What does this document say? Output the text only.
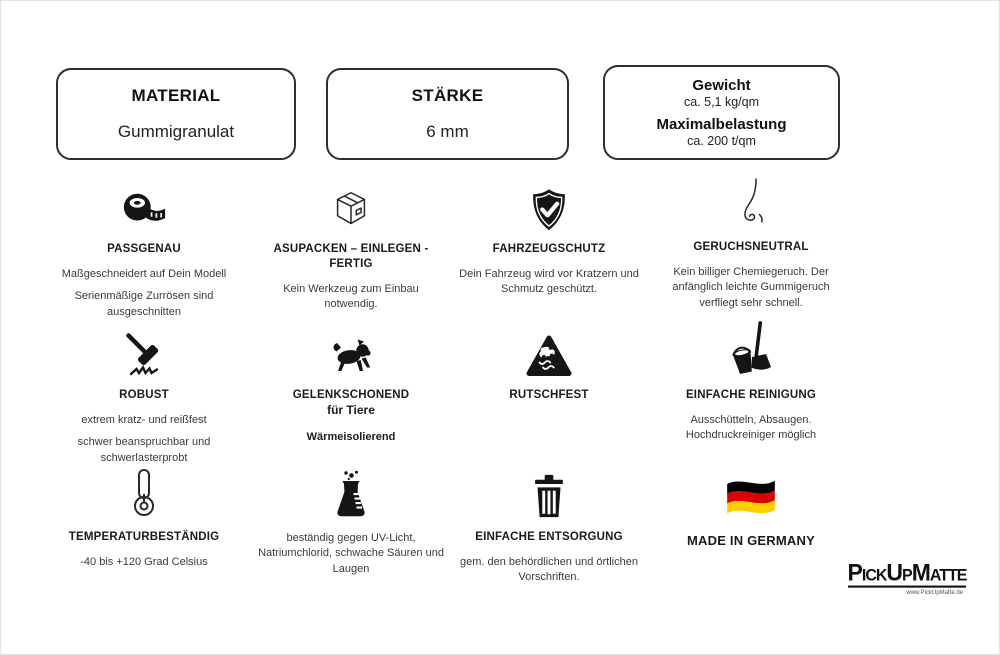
MATERIAL
Gummigranulat
STÄRKE
6 mm
Gewicht
ca. 5,1 kg/qm
Maximalbelastung
ca. 200 t/qm
PASSGENAU

Maßgeschneidert auf Dein Modell

Serienmäßige Zurrösen sind ausgeschnitten

ASUPACKEN – EINLEGEN - FERTIG

Kein Werkzeug zum Einbau notwendig.

FAHRZEUGSCHUTZ

Dein Fahrzeug wird vor Kratzern und Schmutz geschützt.

GERUCHSNEUTRAL

Kein billiger Chemiegeruch. Der anfänglich leichte Gummigeruch verfliegt sehr schnell.

ROBUST

extrem kratz- und reißfest

schwer beanspruchbar und schwerlasterprobt

GELENKSCHONEND
für Tiere
Wärmeisolierend
RUTSCHFEST	EINFACHE REINIGUNG

Ausschütteln, Absaugen. Hochdruckreiniger möglich

TEMPERATURBESTÄNDIG

-40 bis +120 Grad Celsius

beständig gegen UV-Licht, Natriumchlorid, schwache Säuren und Laugen

EINFACHE ENTSORGUNG

gem. den behördlichen und örtlichen Vorschriften.

MADE IN GERMANY
PickUpMatte
www.PickUpMatte.de
